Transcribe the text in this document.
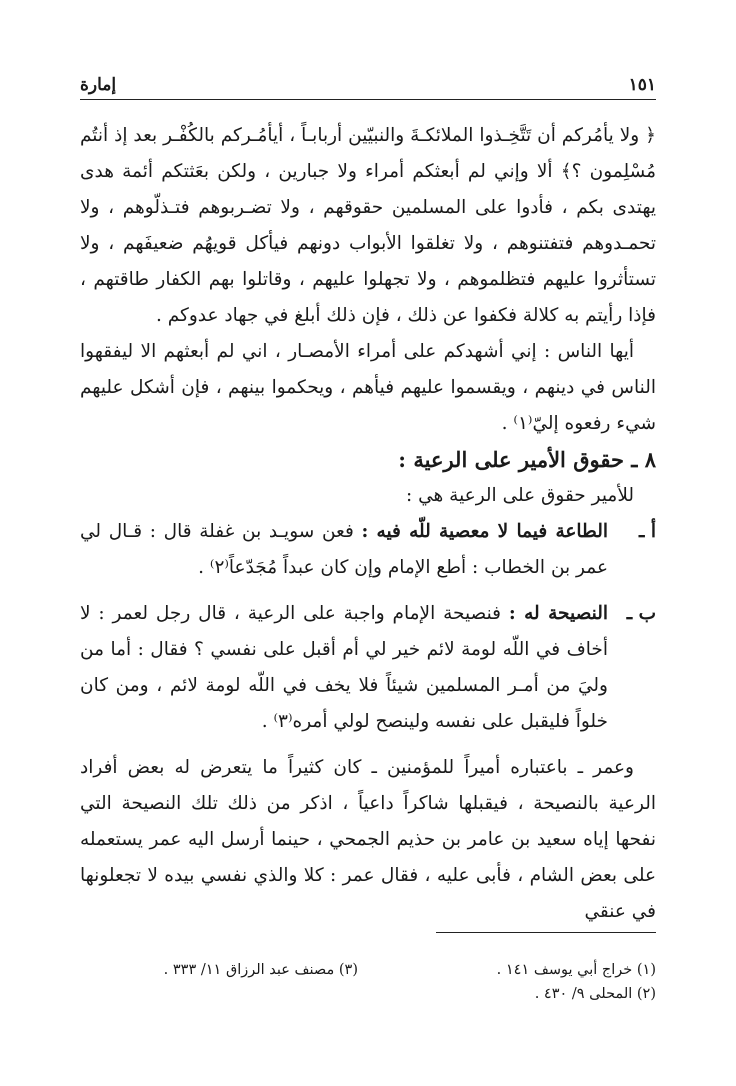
١٥١
إمارة

﴿ ولا يأمُركم أن تَتَّخِـذوا الملائكـةَ والنبيّين أربابـاً ، أيأمُـركم بالكُفْـر بعد إذ أنتُم مُسْلِمون ؟﴾ ألا وإني لم أبعثكم أمراء ولا جبارين ، ولكن بعَثتكم أئمة هدى يهتدى بكم ، فأدوا على المسلمين حقوقهم ، ولا تضـربوهم فتـذلّوهم ، ولا تحمـدوهم فتفتنوهم ، ولا تغلقوا الأبواب دونهم فيأكل قويهُم ضعيفَهم ، ولا تستأثروا عليهم فتظلموهم ، ولا تجهلوا عليهم ، وقاتلوا بهم الكفار طاقتهم ، فإذا رأيتم به كلالة فكفوا عن ذلك ، فإن ذلك أبلغ في جهاد عدوكم .

أيها الناس : إني أشهدكم على أمراء الأمصـار ، اني لم أبعثهم الا ليفقهوا الناس في دينهم ، ويقسموا عليهم فيأهم ، ويحكموا بينهم ، فإن أشكل عليهم شيء رفعوه إليّ⁽١⁾ .

٨ ـ حقوق الأمير على الرعية :

للأمير حقوق على الرعية هي :

أ ـ
الطاعة فيما لا معصية للّه فيه : فعن سويـد بن غفلة قال : قـال لي عمر بن الخطاب : أطع الإمام وإن كان عبداً مُجَدّعاً⁽٢⁾ .
ب ـ
النصيحة له : فنصيحة الإمام واجبة على الرعية ، قال رجل لعمر : لا أخاف في اللّه لومة لائم خير لي أم أقبل على نفسي ؟ فقال : أما من وليَ من أمـر المسلمين شيئاً فلا يخف في اللّه لومة لائم ، ومن كان خلواً فليقبل على نفسه ولينصح لولي أمره⁽٣⁾ .

وعمر ـ باعتباره أميراً للمؤمنين ـ كان كثيراً ما يتعرض له بعض أفراد الرعية بالنصيحة ، فيقبلها شاكراً داعياً ، اذكر من ذلك تلك النصيحة التي نفحها إياه سعيد بن عامر بن حذيم الجمحي ، حينما أرسل اليه عمر يستعمله على بعض الشام ، فأبى عليه ، فقال عمر : كلا والذي نفسي بيده لا تجعلونها في عنقي

(١) خراج أبي يوسف ١٤١ .

(٣) مصنف عبد الرزاق ١١/ ٣٣٣ .

(٢) المحلى ٩/ ٤٣٠ .
